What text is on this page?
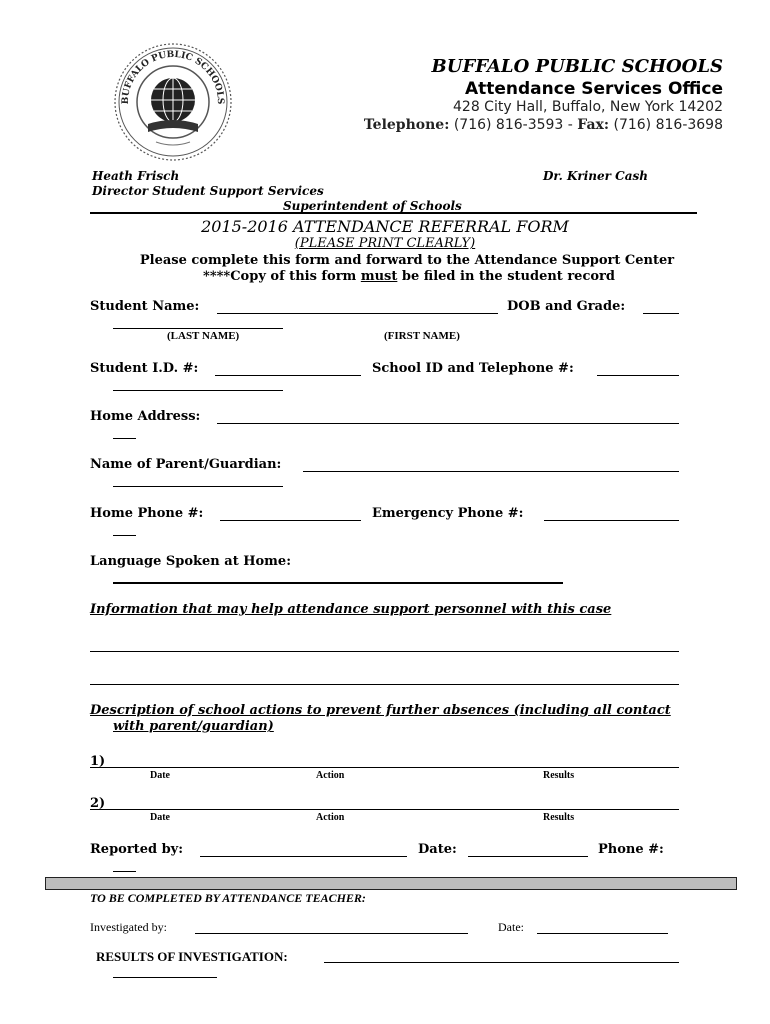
BUFFALO PUBLIC SCHOOLS
BUFFALO PUBLIC SCHOOLS
Attendance Services Office
428 City Hall, Buffalo, New York 14202
Telephone: (716) 816-3593 - Fax: (716) 816-3698
Heath Frisch
Director Student Support Services
Dr. Kriner Cash
Superintendent of Schools
2015-2016 ATTENDANCE REFERRAL FORM
(PLEASE PRINT CLEARLY)
Please complete this form and forward to the Attendance Support Center
****Copy of this form must be filed in the student record
Student Name:	DOB and Grade:
(LAST NAME)	(FIRST NAME)
Student I.D. #:	School ID and Telephone #:
Home Address:
Name of Parent/Guardian:
Home Phone #:	Emergency Phone #:
Language Spoken at Home:
Information that may help attendance support personnel with this case
Description of school actions to prevent further absences (including all contact
with parent/guardian)
1)
Date	Action	Results
2)
Date	Action	Results
Reported by:	Date:	Phone #:
TO BE COMPLETED BY ATTENDANCE TEACHER:
Investigated by:	Date:
RESULTS OF INVESTIGATION:
